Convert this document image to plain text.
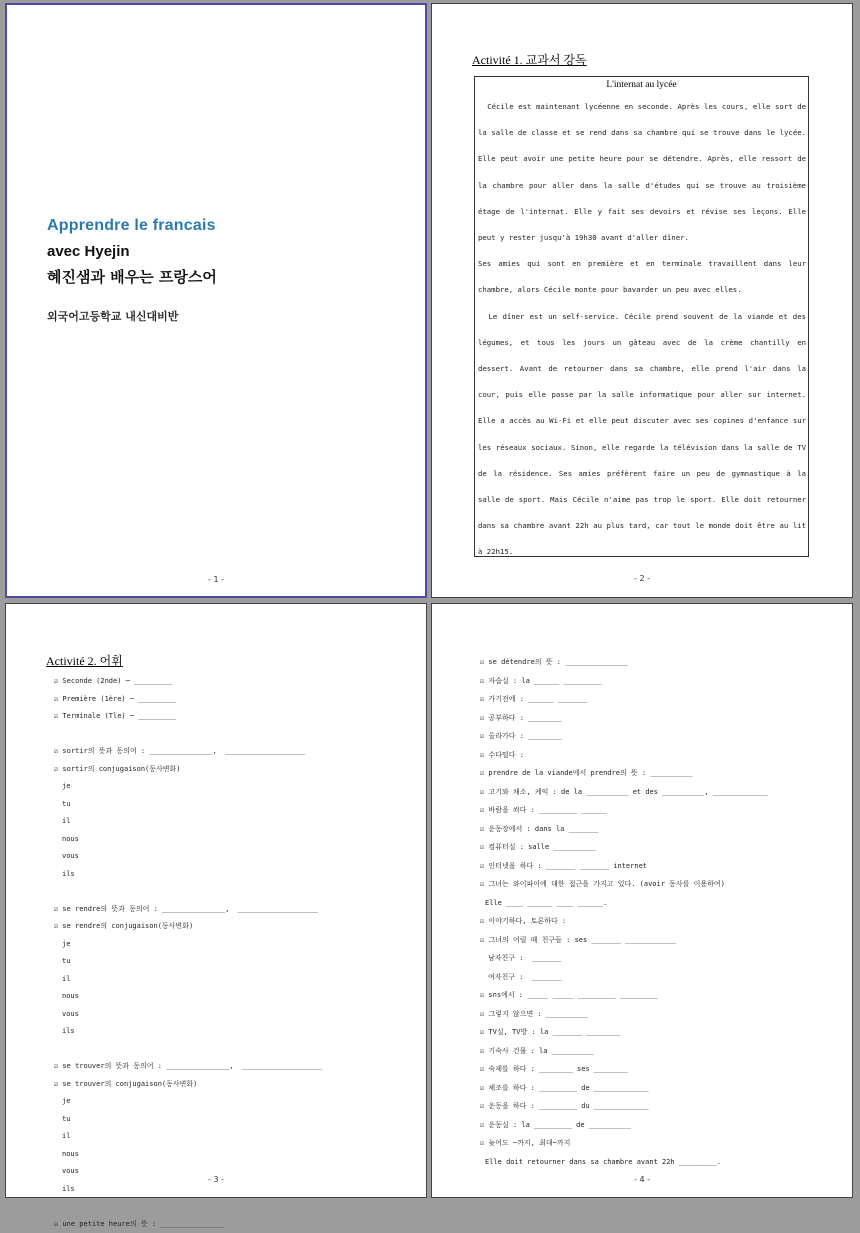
Apprendre le francais
avec Hyejin
혜진샘과 배우는 프랑스어
외국어고등학교 내신대비반
- 1 -
Activité 1. 교과서 강독
L'internat au lycée

Cécile est maintenant lycéenne en seconde. Après les cours, elle sort de la salle de classe et se rend dans sa chambre qui se trouve dans le lycée. Elle peut avoir une petite heure pour se détendre. Après, elle ressort de la chambre pour aller dans la salle d'études qui se trouve au troisième étage de l'internat. Elle y fait ses devoirs et révise ses leçons. Elle peut y rester jusqu'à 19h30 avant d'aller dîner.

Ses amies qui sont en première et en terminale travaillent dans leur chambre, alors Cécile monte pour bavarder un peu avec elles.

Le dîner est un self-service. Cécile prend souvent de la viande et des légumes, et tous les jours un gâteau avec de la crème chantilly en dessert. Avant de retourner dans sa chambre, elle prend l'air dans la cour, puis elle passe par la salle informatique pour aller sur internet. Elle a accès au Wi-Fi et elle peut discuter avec ses copines d'enfance sur les réseaux sociaux. Sinon, elle regarde la télévision dans la salle de TV de la résidence. Ses amies préfèrent faire un peu de gymnastique à la salle de sport. Mais Cécile n'aime pas trop le sport. Elle doit retourner dans sa chambre avant 22h au plus tard, car tout le monde doit être au lit à 22h15.

- 2 -
Activité 2. 어휘
☑ Seconde (2nde) ─ _________
☑ Première (1ère) ─ _________
☑ Terminale (Tle) ─ _________
☑ sortir의 뜻과 동의어 : _______________,  ___________________
☑ sortir의 conjugaison(동사변화)
je
tu
il
nous
vous
ils
☑ se rendre의 뜻과 동의어 : _______________,  ___________________
☑ se rendre의 conjugaison(동사변화)
je
tu
il
nous
vous
ils
☑ se trouver의 뜻과 동의어 : _______________,  ___________________
☑ se trouver의 conjugaison(동사변화)
je
tu
il
nous
vous
ils
☑ une petite heure의 뜻 : _______________
- 3 -
☑ se détendre의 뜻 : _______________
☑ 자습실 : la ______ _________
☑ 가기전에 : ______ _______
☑ 공부하다 : ________
☑ 올라가다 : ________
☑ 수다떨다 :
☑ prendre de la viande에서 prendre의 뜻 : __________
☑ 고기와 채소, 케익 : de la __________ et des __________, _____________
☑ 바람을 쐬다 : _________ ______
☑ 운동장에서 : dans la _______
☑ 컴퓨터실 : salle __________
☑ 인터넷을 하다 : _______ _______ internet
☑ 그녀는 와이파이에 대한 접근을 가지고 있다. (avoir 동사를 이용하여)
Elle ____ ______ ____ ______.
☑ 이야기하다, 토론하다 :
☑ 그녀의 어릴 때 친구들 : ses _______ ____________
남자친구 :  _______
여자친구 :  _______
☑ sns에서 : _____ _____ _________ _________
☑ 그렇지 않으면 : __________
☑ TV실, TV방 : la _______ ________
☑ 기숙사 건물 : la __________
☑ 숙제를 하다 : ________ ses ________
☑ 체조를 하다 : _________ de _____________
☑ 운동을 하다 : _________ du _____________
☑ 운동실 : la _________ de __________
☑ 늦어도 ~까지, 최대~까지
Elle doit retourner dans sa chambre avant 22h _________.
- 4 -
